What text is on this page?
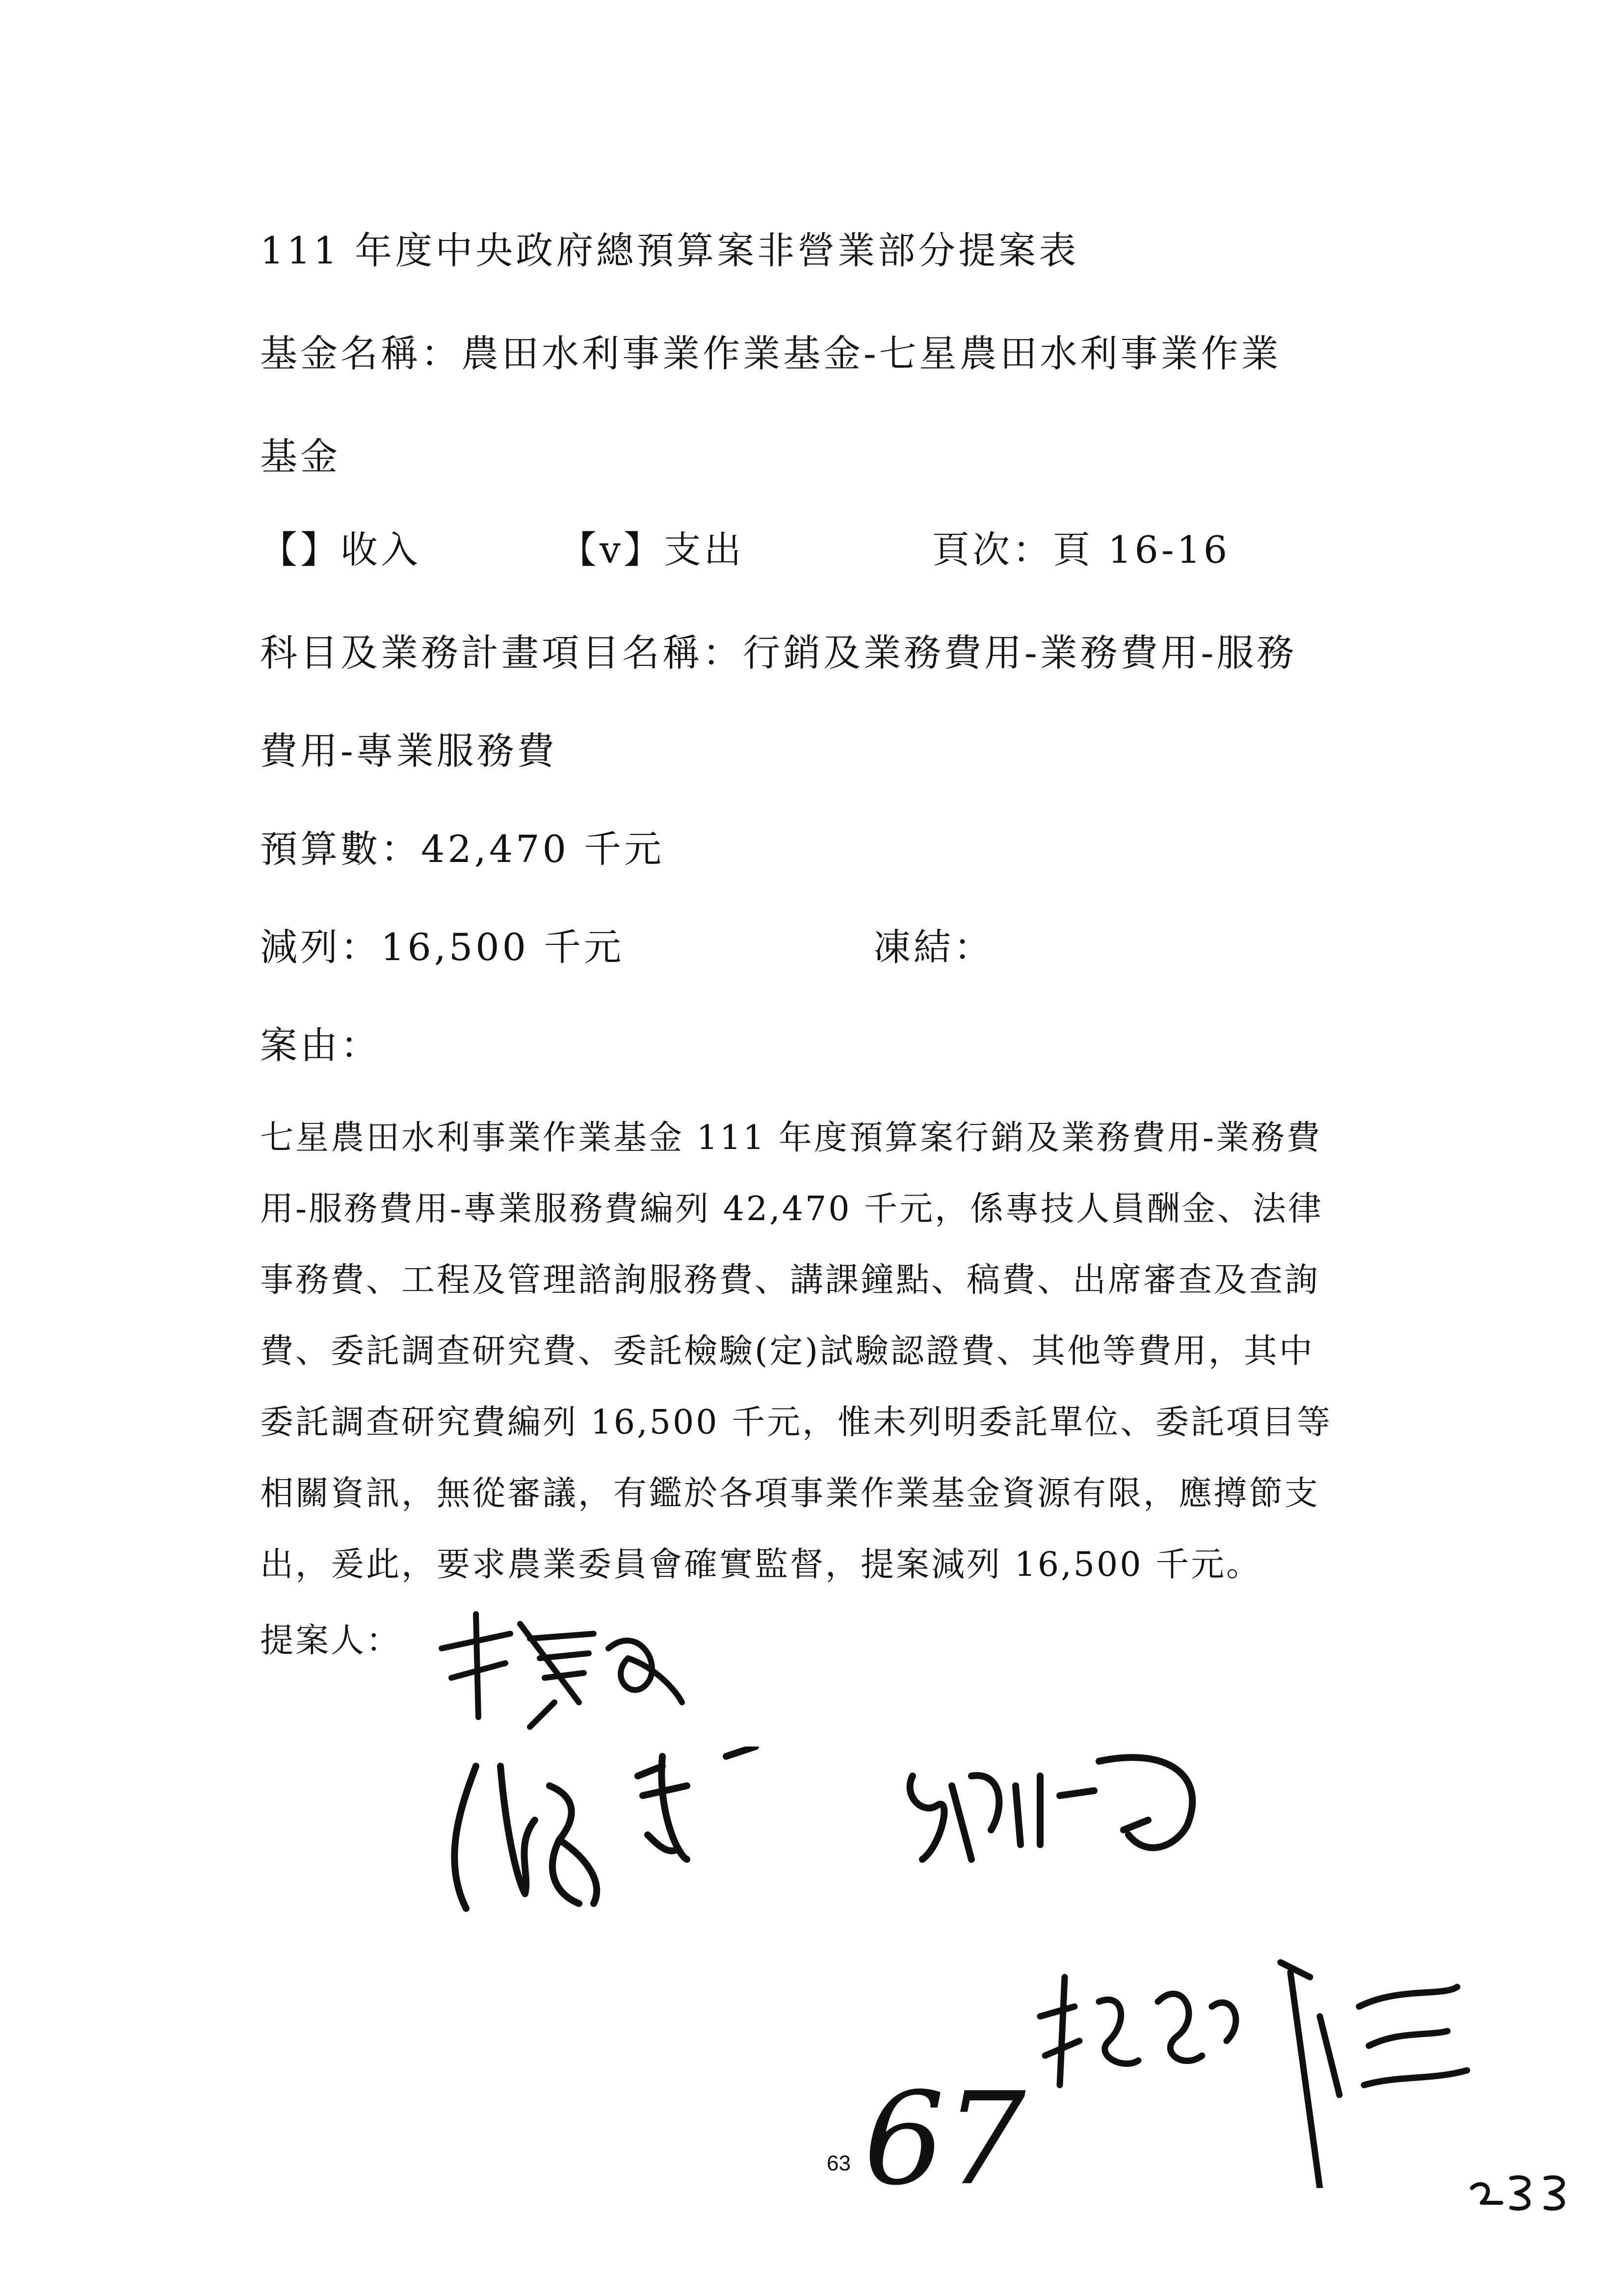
111 年度中央政府總預算案非營業部分提案表
基金名稱：農田水利事業作業基金-七星農田水利事業作業
基金
【】收入	【v】支出	頁次：頁 16-16
科目及業務計畫項目名稱：行銷及業務費用-業務費用-服務
費用-專業服務費
預算數：42,470 千元
減列：16,500 千元	凍結：
案由：
七星農田水利事業作業基金 111 年度預算案行銷及業務費用-業務費
用-服務費用-專業服務費編列 42,470 千元，係專技人員酬金、法律
事務費、工程及管理諮詢服務費、講課鐘點、稿費、出席審查及查詢
費、委託調查研究費、委託檢驗(定)試驗認證費、其他等費用，其中
委託調查研究費編列 16,500 千元，惟未列明委託單位、委託項目等
相關資訊，無從審議，有鑑於各項事業作業基金資源有限，應撙節支
出，爰此，要求農業委員會確實監督，提案減列 16,500 千元。
提案人：
67
63
